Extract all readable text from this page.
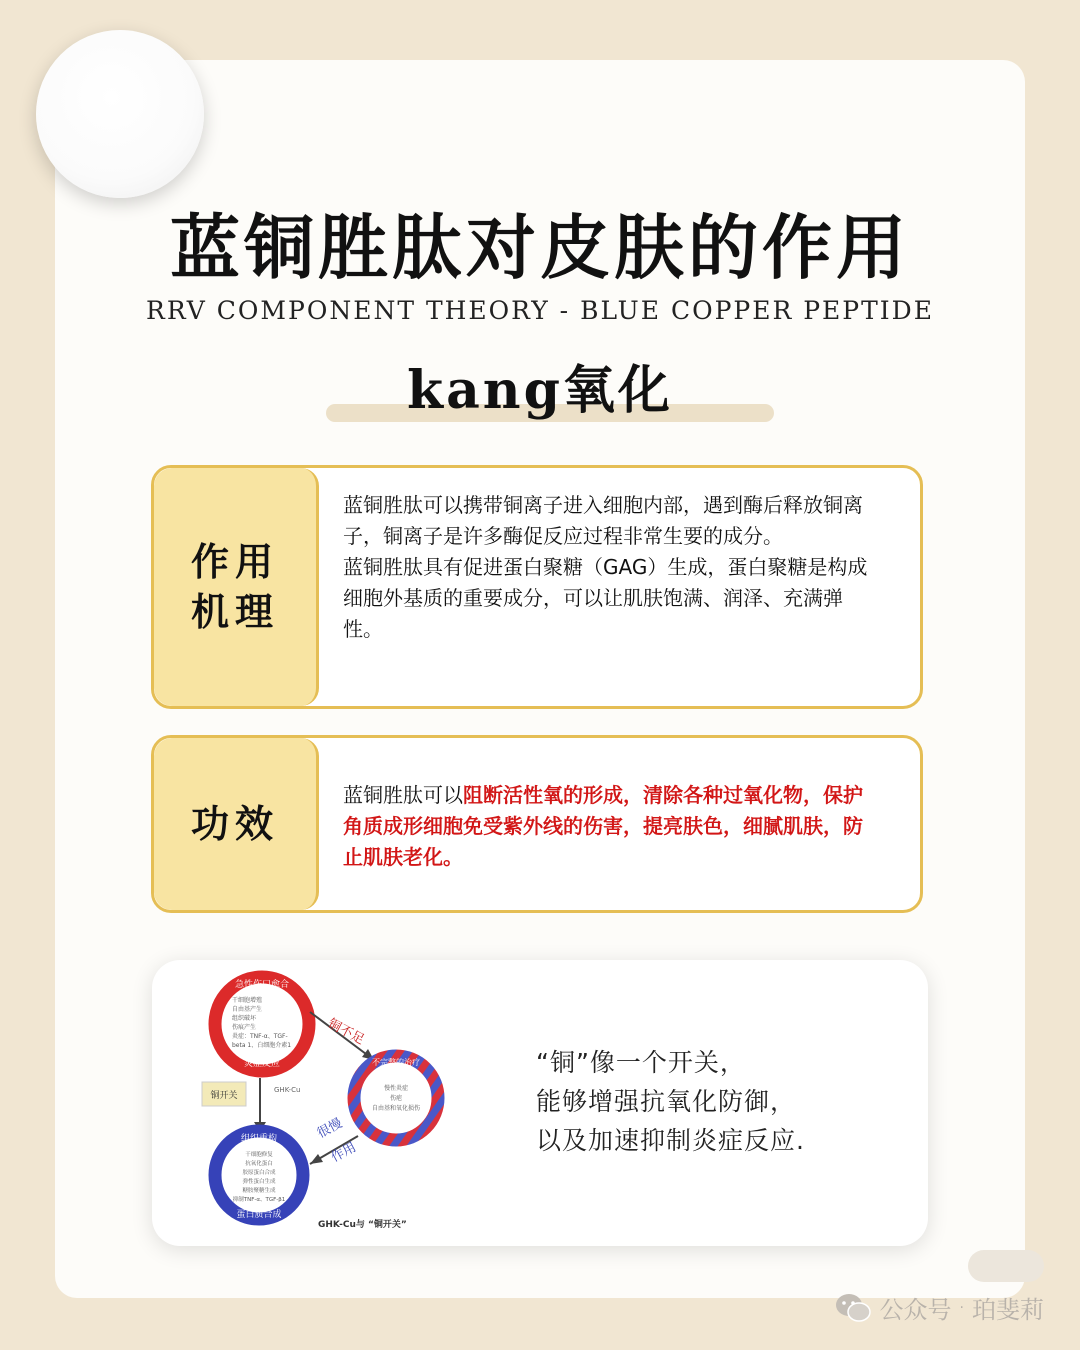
蓝铜胜肽对皮肤的作用
RRV COMPONENT THEORY - BLUE COPPER PEPTIDE
kang氧化
作用
机理

蓝铜胜肽可以携带铜离子进入细胞内部，遇到酶后释放铜离子，铜离子是许多酶促反应过程非常生要的成分。

蓝铜胜肽具有促进蛋白聚糖（GAG）生成，蛋白聚糖是构成细胞外基质的重要成分，可以让肌肤饱满、润泽、充满弹性。

功效
蓝铜胜肽可以阻断活性氧的形成，清除各种过氧化物，保护角质成形细胞免受紫外线的伤害，提亮肤色，细腻肌肤，防止肌肤老化。
急性伤口愈合
炎症反应
干细胞增殖
自由基产生
组织破坏
伤痕产生
炎症：TNF-α、TGF-
beta 1、白细胞介素1	铜不足
不完整的治疗
慢性炎症
伤疤
自由基和氧化损伤
很慢
作用
铜开关
GHK-Cu
组织重构
蛋白质合成
干细胞修复
抗氧化蛋白
胶原蛋白合成
弹性蛋白生成
糖胺聚糖生成
抑制TNF-α、TGF-β1
GHK-Cu与 “铜开关”
“铜”像一个开关，
能够增强抗氧化防御，
以及加速抑制炎症反应.
公众号 · 珀斐莉
